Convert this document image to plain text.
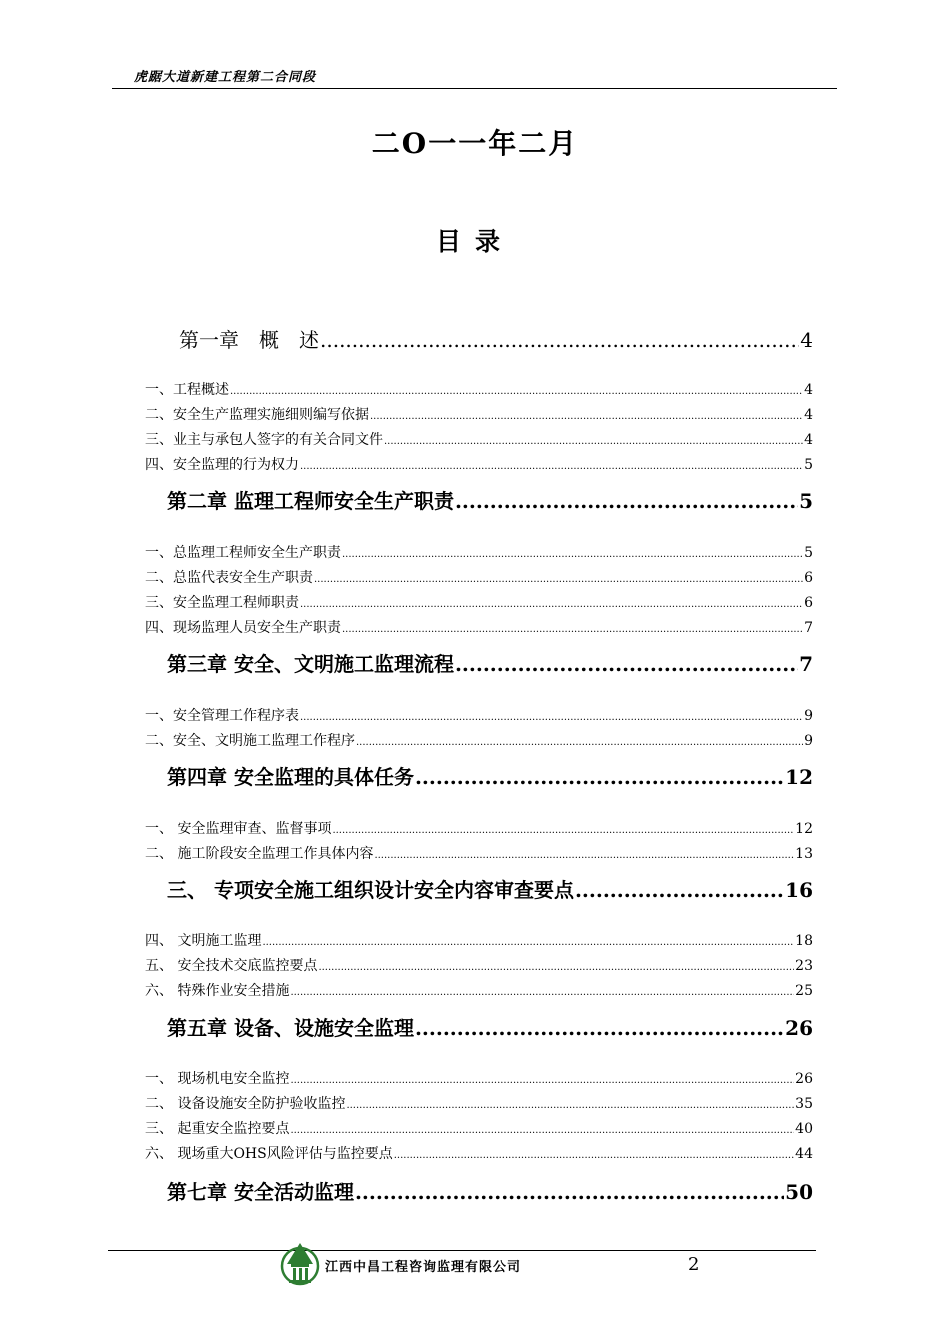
虎踞大道新建工程第二合同段
二O一一年二月
目录
第一章　概　述 .....	4
一、工程概述 .....	4
二、安全生产监理实施细则编写依据 .....	4
三、业主与承包人签字的有关合同文件 .....	4
四、安全监理的行为权力 .....	5
第二章 监理工程师安全生产职责 .....	5
一、总监理工程师安全生产职责 .....	5
二、总监代表安全生产职责 .....	6
三、安全监理工程师职责 .....	6
四、现场监理人员安全生产职责 .....	7
第三章 安全、文明施工监理流程 .....	7
一、安全管理工作程序表 .....	9
二、安全、文明施工监理工作程序 .....	9
第四章 安全监理的具体任务 .....	12
一、 安全监理审查、监督事项 .....	12
二、 施工阶段安全监理工作具体内容 .....	13
三、 专项安全施工组织设计安全内容审查要点 .....	16
四、 文明施工监理 .....	18
五、 安全技术交底监控要点 .....	23
六、 特殊作业安全措施 .....	25
第五章 设备、设施安全监理 .....	26
一、 现场机电安全监控 .....	26
二、 设备设施安全防护验收监控 .....	35
三、 起重安全监控要点 .....	40
六、 现场重大OHS风险评估与监控要点 .....	44
第七章 安全活动监理 .....	50
江西中昌工程咨询监理有限公司	2
